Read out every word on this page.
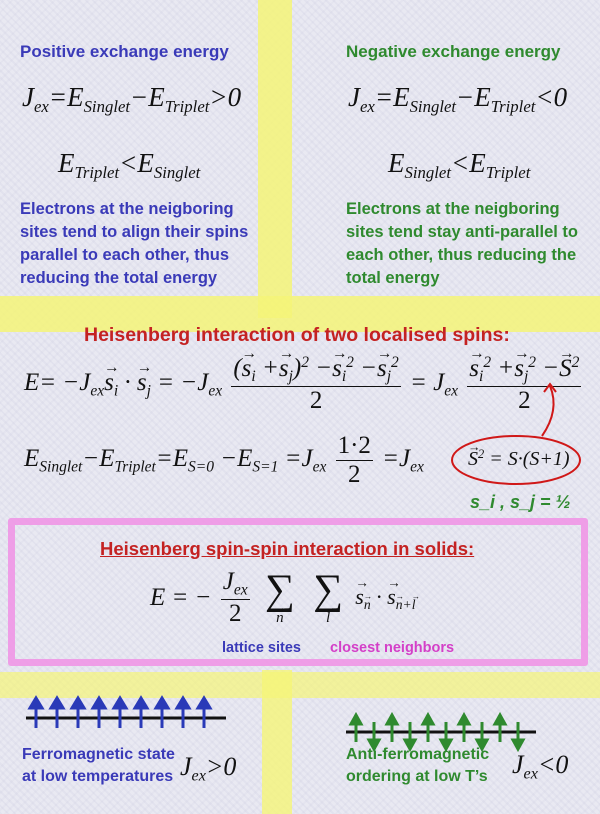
Positive exchange energy
$J_{ex}=E_{Singlet}-E_{Triplet}>0$
$E_{Triplet}<E_{Singlet}$
Electrons at the neigboring sites tend to align their spins parallel to each other, thus reducing the total energy
Negative exchange energy
$J_{ex}=E_{Singlet}-E_{Triplet}<0$
$E_{Singlet}<E_{Triplet}$
Electrons at the neigboring sites tend stay anti-parallel to each other, thus reducing the total energy
Heisenberg interaction of two localised spins:
$E= -J_{ex}\to s_i$ · → $s_j = -J_{ex} \frac{(\to s_i +\to s_j)^2 -\to s_i^2 -\to s_j^2}{2} = J_{ex}$
→ $\frac{s_i^2 +\to s_j^2 -\to S^2}{2}$
$E_{Singlet}-E_{Triplet}=E_{S=0} -E_{S=1} =J_{ex} \frac{1\cdot 2}{2} =J_{ex}$
→ $S^2 = S\cdot(S+1)$
s_i , s_j = ½
Heisenberg spin-spin interaction in solids:
E = − $\frac{J_{ex}}{2}$
∑
→ n

∑
→ l
→ s→ $_n$ · → s→ $_{n+\to l}$
lattice sites closest neighbors
Ferromagnetic state
at low temperatures $J_{ex}>0$	Anti-ferromagnetic
ordering at low T’s $J_{ex}<0$
